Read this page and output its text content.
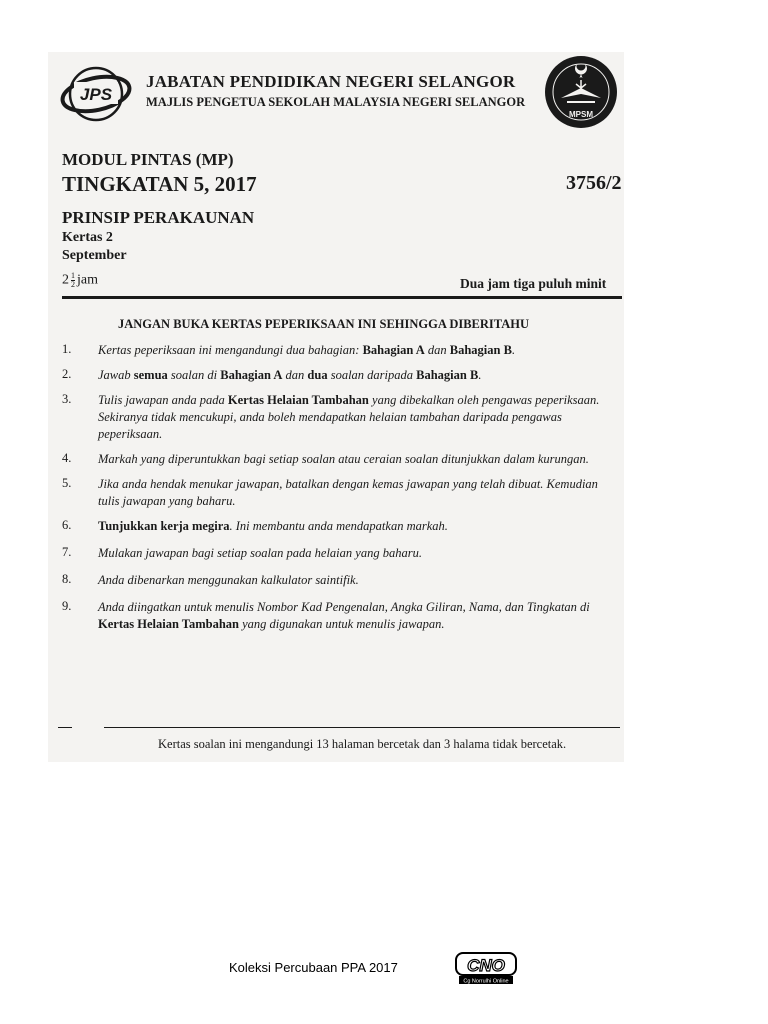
JPS
JABATAN PENDIDIKAN NEGERI SELANGOR
MAJLIS PENGETUA SEKOLAH MALAYSIA NEGERI SELANGOR
MPSM
MODUL PINTAS (MP)
TINGKATAN 5, 2017	3756/2
PRINSIP PERAKAUNAN
Kertas 2
September
$2 \frac{1}{2}$ jam	Dua jam tiga puluh minit
JANGAN BUKA KERTAS PEPERIKSAAN INI SEHINGGA DIBERITAHU
1. Kertas peperiksaan ini mengandungi dua bahagian: Bahagian A dan Bahagian B.
2. Jawab semua soalan di Bahagian A dan dua soalan daripada Bahagian B.
3. Tulis jawapan anda pada Kertas Helaian Tambahan yang dibekalkan oleh pengawas peperiksaan. Sekiranya tidak mencukupi, anda boleh mendapatkan helaian tambahan daripada pengawas peperiksaan.
4. Markah yang diperuntukkan bagi setiap soalan atau ceraian soalan ditunjukkan dalam kurungan.
5. Jika anda hendak menukar jawapan, batalkan dengan kemas jawapan yang telah dibuat. Kemudian tulis jawapan yang baharu.
6. Tunjukkan kerja megira. Ini membantu anda mendapatkan markah.
7. Mulakan jawapan bagi setiap soalan pada helaian yang baharu.
8. Anda dibenarkan menggunakan kalkulator saintifik.
9. Anda diingatkan untuk menulis Nombor Kad Pengenalan, Angka Giliran, Nama, dan Tingkatan di Kertas Helaian Tambahan yang digunakan untuk menulis jawapan.
Kertas soalan ini mengandungi 13 halaman bercetak dan 3 halama tidak bercetak.
Koleksi Percubaan PPA 2017	CNO
Cg Norrulhi Online
